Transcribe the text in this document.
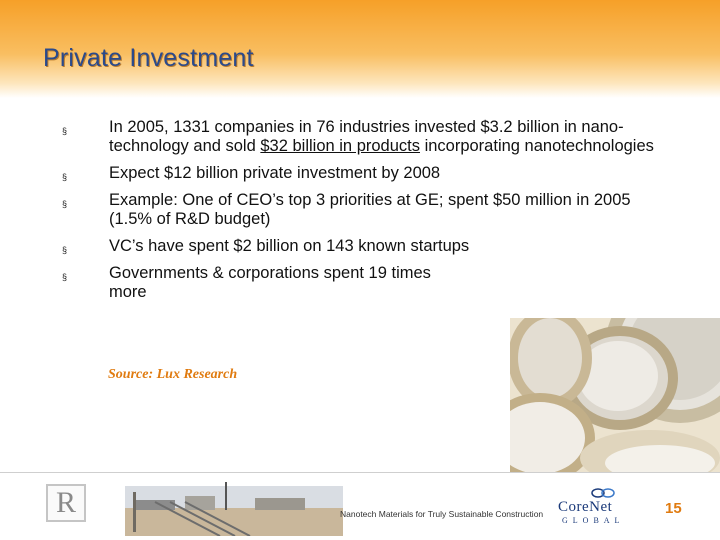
Private Investment
§	In 2005, 1331 companies in 76 industries invested $3.2 billion in nano-technology and sold $32 billion in products incorporating nanotechnologies
§	Expect $12 billion private investment by 2008
§	Example: One of CEO’s top 3 priorities at GE; spent $50 million in 2005 (1.5% of R&D budget)
§	VC’s have spent $2 billion on 143 known startups
§	Governments & corporations spent 19 times more
Source: Lux Research
R	Nanotech Materials for Truly Sustainable Construction CoreNet
GLOBAL
15
